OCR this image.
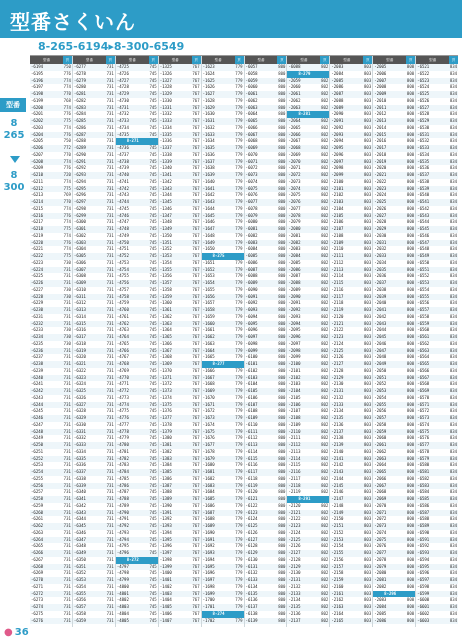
型番さくいん
8-265-6194▸8-300-6549
型番
8
265
8
300
型番	頁
-6194	750
-6195	776
-6196	774
-6197	774
-6198	770
-6199	768
-6200	774
-6201	776
-6202	775
-6203	774
-6204	776
-6205	750
-6206	772
-6207	770
-6208	774
-6209	776
-6210	720
-6211	774
-6212	775
-6213	769
-6214	770
-6215	774
-6216	776
-6217	774
-6218	775
-6219	774
-6220	776
-6221	774
-6222	775
-6223	730
-6224	731
-6225	731
-6226	731
-6227	730
-6228	730
-6229	731
-6230	731
-6231	731
-6232	731
-6233	730
-6234	730
-6235	730
-6236	731
-6237	731
-6238	731
-6239	731
-6240	731
-6241	731
-6242	731
-6243	731
-6244	731
-6245	731
-6246	731
-6247	731
-6248	731
-6249	731
-6250	731
-6251	731
-6252	731
-6253	731
-6254	731
-6255	731
-6256	731
-6257	731
-6258	731
-6259	731
-6260	731
-6261	731
-6262	731
-6263	731
-6264	731
-6265	731
-6266	731
-6267	731
-6268	731
-6269	731
-6270	731
-6271	731
-6272	731
-6273	731
-6274	731
-6275	731
-6276	731
型番	頁
-6277	731
-6278	731
-6279	731
-6280	731
-6281	731
-6282	731
-6283	731
-6284	731
-6285	731
-6286	731
-6287	731
-6288	731
-6289	731
-6290	731
-6291	731
-6292	731
-6293	731
-6294	731
-6295	731
-6296	731
-6297	731
-6298	731
-6299	731
-6300	731
-6301	731
-6302	731
-6303	731
-6304	731
-6305	731
-6306	731
-6307	731
-6308	731
-6309	731
-6310	731
-6311	731
-6312	731
-6313	731
-6314	731
-6315	731
-6316	731
-6317	731
-6318	731
-6319	731
-6320	731
-6321	731
-6322	731
-6323	731
-6324	731
-6325	731
-6326	731
-6327	731
-6328	731
-6329	731
-6330	731
-6331	731
-6332	731
-6333	731
-6334	731
-6335	731
-6336	731
-6337	731
-6338	731
-6339	731
-6340	731
-6341	731
-6342	731
-6343	731
-6344	731
-6345	731
-6346	731
-6347	731
-6348	731
-6349	731
-6350	731
-6351	731
-6352	731
-6353	731
-6354	731
-6355	731
-6356	731
-6357	731
-6358	731
-6359	731
型番	頁
-4725	745
-4726	745
-4727	745
-4728	745
-4729	745
-4730	745
-4731	745
-4732	745
-4733	745
-4734	745
-4735	745
8-271
-4736	745
-4737	745
-4738	745
-4739	745
-4740	745
-4741	745
-4742	745
-4743	745
-4744	745
-4745	745
-4746	745
-4747	745
-4748	745
-4749	745
-4750	745
-4751	745
-4752	745
-4753	745
-4754	745
-4755	745
-4756	745
-4757	745
-4758	745
-4759	745
-4760	745
-4761	745
-4762	745
-4763	745
-4764	745
-4765	745
-4766	745
-4767	745
-4768	745
-4769	745
-4770	745
-4771	745
-4772	745
-4773	745
-4774	745
-4775	745
-4776	745
-4777	745
-4778	745
-4779	745
-4780	745
-4781	745
-4782	745
-4783	745
-4784	745
-4785	745
-4786	745
-4787	745
-4788	745
-4789	745
-4790	745
-4791	745
-4792	745
-4793	745
-4794	745
-4795	745
-4796	745
8-272
-4797	745
-4798	745
-4799	745
-4800	745
-4801	745
-4802	745
-4803	745
-4804	745
-4805	745
型番	頁
-1325	767
-1326	767
-1327	767
-1328	767
-1329	767
-1330	767
-1331	767
-1332	767
-1333	767
-1334	767
-1335	767
-1336	767
-1337	767
-1338	767
-1339	767
-1340	767
-1341	767
-1342	767
-1343	767
-1344	767
-1345	767
-1346	767
-1347	767
-1348	767
-1349	767
-1350	767
-1351	767
-1352	767
-1353	767
-1354	767
-1355	767
-1356	767
-1357	767
-1358	767
-1359	767
-1360	767
-1361	767
-1362	767
-1363	767
-1364	767
-1365	767
-1366	767
-1367	767
-1368	767
-1369	767
-1370	767
-1371	767
-1372	767
-1373	767
-1374	767
-1375	767
-1376	767
-1377	767
-1378	767
-1379	767
-1380	767
-1381	767
-1382	767
-1383	767
-1384	767
-1385	767
-1386	767
-1387	767
-1388	767
-1389	767
-1390	767
-1391	767
-1392	767
-1393	767
-1394	767
-1395	767
-1396	767
-1397	767
-1398	767
-1399	767
-1400	767
-1401	767
-1402	767
-1403	767
-1404	767
-1405	767
-1406	767
-1407	767
型番	頁
-1623	779
-1624	779
-1625	779
-1626	779
-1627	779
-1628	779
-1629	779
-1630	779
-1631	779
-1632	779
-1633	779
-1634	779
-1635	779
-1636	779
-1637	779
-1638	779
-1639	779
-1640	779
-1641	779
-1642	779
-1643	779
-1644	779
-1645	779
-1646	779
-1647	779
-1648	779
-1649	779
-1650	779
8-275
-1651	779
-1652	779
-1653	779
-1654	779
-1655	779
-1656	779
-1657	779
-1658	779
-1659	779
-1660	779
-1661	779
-1662	779
-1663	779
-1664	779
-1665	779
8-277
-1666	779
-1667	779
-1668	779
-1669	779
-1670	779
-1671	779
-1672	779
-1673	779
-1674	779
-1675	779
-1676	779
-1677	779
-1678	779
-1679	779
-1680	779
-1681	779
-1682	779
-1683	779
-1684	779
-1685	779
-1686	779
-1687	779
-1688	779
-1689	779
-1690	779
-1691	779
-1692	779
-1693	779
-1694	779
-1695	779
-1696	779
-1697	779
-1698	779
-1699	779
-1700	779
-1701	779
8-274
-1702	779
型番	頁
-6057	800
-6058	800
-6059	800
-6060	800
-6061	800
-6062	800
-6063	800
-6064	800
-6065	800
-6066	800
-6067	800
-6068	800
-6069	800
-6070	800
-6071	800
-6072	800
-6073	800
-6074	800
-6075	800
-6076	800
-6077	800
-6078	800
-6079	800
-6080	800
-6081	800
-6082	800
-6083	800
-6084	800
-6085	800
-6086	800
-6087	800
-6088	800
-6089	800
-6090	800
-6091	800
-6092	800
-6093	800
-6094	800
-6095	800
-6096	800
-6097	800
-6098	800
-6099	800
-6100	800
-6101	800
-6102	800
-6103	800
-6104	800
-6105	800
-6106	800
-6107	800
-6108	800
-6109	800
-6110	800
-6111	800
-6112	800
-6113	800
-6114	800
-6115	800
-6116	800
-6117	800
-6118	800
-6119	800
-6120	800
-6121	800
-6122	800
-6123	800
-6124	800
-6125	800
-6126	800
-6127	800
-6128	800
-6129	800
-6130	800
-6131	800
-6132	800
-6133	800
-6134	800
-6135	800
-6136	800
-6137	800
-6138	800
-6139	800
型番	頁
-6088	802
8-279
-2059	802
-2060	802
-2061	802
-2062	802
-2063	802
8-281
-2064	802
-2065	802
-2066	802
-2067	802
-2068	802
-2069	802
-2070	802
-2071	802
-2072	802
-2073	802
-2074	802
-2075	802
-2076	802
-2077	802
-2078	802
-2079	802
-2080	802
-2081	802
-2082	802
-2083	802
-2084	802
-2085	802
-2086	802
-2087	802
-2088	802
-2089	802
-2090	802
-2091	802
-2092	802
-2093	802
-2094	802
-2095	802
-2096	802
-2097	802
-2098	802
-2099	802
-2100	802
-2101	802
-2102	802
-2103	802
-2104	802
-2105	802
-2106	802
-2107	802
-2108	802
-2109	802
-2110	802
-2111	802
-2112	802
-2113	802
-2114	802
-2115	802
-2116	802
-2117	802
-2118	802
-2119	802
8-291
-2120	802
-2121	802
-2122	802
-2123	802
-2124	802
-2125	802
-2126	802
-2127	802
-2128	802
-2129	802
-2130	802
-2131	802
-2132	802
-2133	802
-2134	802
-2135	802
-2136	802
-2137	802
型番	頁
-2083	803
-2084	803
-2085	803
-2086	803
-2087	803
-2088	803
-2089	803
-2090	803
-2091	803
-2092	803
-2093	803
-2094	803
-2095	803
-2096	803
-2097	803
-2098	803
-2099	803
-2100	803
-2101	803
-2102	803
-2103	803
-2104	803
-2105	803
-2106	803
-2107	803
-2108	803
-2109	803
-2110	803
-2111	803
-2112	803
-2113	803
-2114	803
-2115	803
-2116	803
-2117	803
-2118	803
-2119	803
-2120	803
-2121	803
-2122	803
-2123	803
-2124	803
-2125	803
-2126	803
-2127	803
-2128	803
-2129	803
-2130	803
-2131	803
-2132	803
-2133	803
-2134	803
-2135	803
-2136	803
-2137	803
-2138	803
-2139	803
-2140	803
-2141	803
-2142	803
-2143	803
-2144	803
-2145	803
-2146	803
-2147	803
-2148	803
-2149	803
-2150	803
-2151	803
-2152	803
-2153	803
-2154	803
-2155	803
-2156	803
-2157	803
-2158	803
-2159	803
-2160	803
-2161	803
-2162	803
-2163	803
-2164	803
-2165	803
型番	頁
-2005	800
-2006	800
-2007	800
-2008	800
-2009	800
-2010	800
-2011	800
-2012	800
-2013	800
-2014	800
-2015	800
-2016	800
-2017	800
-2018	800
-2019	800
-2020	800
-2021	800
-2022	800
-2023	800
-2024	800
-2025	800
-2026	800
-2027	800
-2028	800
-2029	800
-2030	800
-2031	800
-2032	800
-2033	800
-2034	800
-2035	800
-2036	800
-2037	800
-2038	800
-2039	800
-2040	800
-2041	800
-2042	800
-2043	800
-2044	800
-2045	800
-2046	800
-2047	800
-2048	800
-2049	800
-2050	800
-2051	800
-2052	800
-2053	800
-2054	800
-2055	800
-2056	800
-2057	800
-2058	800
-2059	800
-2060	800
-2061	800
-2062	800
-2063	800
-2064	800
-2065	800
-2066	800
-2067	800
-2068	800
-2069	800
-2070	800
-2071	800
-2072	800
-2073	800
-2074	800
-2075	800
-2076	800
-2077	800
-2078	800
-2079	800
-2080	800
-2081	800
-2082	800
8-296
-2083	800
-2084	800
-2085	800
-2086	800
型番	頁
-6521	834
-6522	834
-6523	834
-6524	834
-6525	834
-6526	834
-6527	834
-6528	834
-6529	834
-6530	834
-6531	834
-6532	834
-6533	834
-6534	834
-6535	834
-6536	834
-6537	834
-6538	834
-6539	834
-6540	834
-6541	834
-6542	834
-6543	834
-6544	834
-6545	834
-6546	834
-6547	834
-6548	834
-6549	834
-6550	834
-6551	834
-6552	834
-6553	834
-6554	834
-6555	834
-6556	834
-6557	834
-6558	834
-6559	834
-6560	834
-6561	834
-6562	834
-6563	834
-6564	834
-6565	834
-6566	834
-6567	834
-6568	834
-6569	834
-6570	834
-6571	834
-6572	834
-6573	834
-6574	834
-6575	834
-6576	834
-6577	834
-6578	834
-6579	834
-6580	834
-6581	834
-6582	834
-6583	834
-6584	834
-6585	834
-6586	834
-6587	834
-6588	834
-6589	834
-6590	834
-6591	834
-6592	834
-6593	834
-6594	834
-6595	834
-6596	834
-6597	834
-6598	834
-6599	834
-6600	834
-6601	834
-6602	834
-6603	834
● 36
